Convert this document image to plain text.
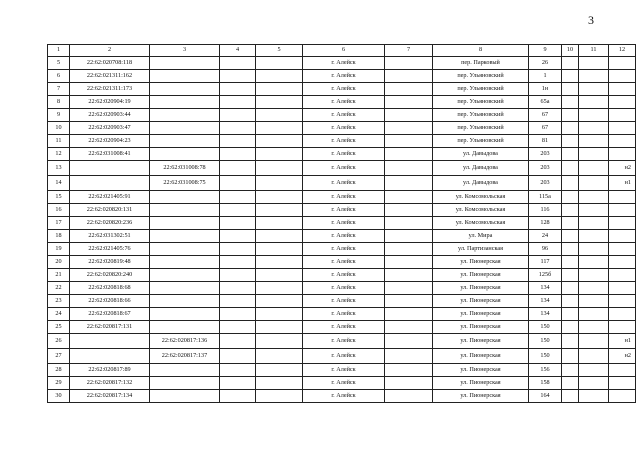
3
1	2	3	4	5	6	7	8	9	10	11	12
5	22:62:020708:118				г. Алейск		пер. Парковый	26			
6	22:62:021311:162				г. Алейск		пер. Ульяновский	1			
7	22:62:021311:173				г. Алейск		пер. Ульяновский	1н			
8	22:62:020904:19				г. Алейск		пер. Ульяновский	65а			
9	22:62:020903:44				г. Алейск		пер. Ульяновский	67			
10	22:62:020903:47				г. Алейск		пер. Ульяновский	67			
11	22:62:020904:23				г. Алейск		пер. Ульяновский	81			
12	22:62:031008:41				г. Алейск		ул. Давыдова	203			
13		22:62:031008:78			г. Алейск		ул. Давыдова	203			н2
14		22:62:031008:75			г. Алейск		ул. Давыдова	203			н1
15	22:62:021405:91				г. Алейск		ул. Комсомольская	115а			
16	22:62:020820:131				г. Алейск		ул. Комсомольская	116			
17	22:62:020820:236				г. Алейск		ул. Комсомольская	128			
18	22:62:031302:51				г. Алейск		ул. Мира	24			
19	22:62:021405:76				г. Алейск		ул. Партизанская	96			
20	22:62:020819:48				г. Алейск		ул. Пионерская	117			
21	22:62:020820:240				г. Алейск		ул. Пионерская	125б			
22	22:62:020818:68				г. Алейск		ул. Пионерская	134			
23	22:62:020818:66				г. Алейск		ул. Пионерская	134			
24	22:62:020818:67				г. Алейск		ул. Пионерская	134			
25	22:62:020817:131				г. Алейск		ул. Пионерская	150			
26		22:62:020817:136			г. Алейск		ул. Пионерская	150			н1
27		22:62:020817:137			г. Алейск		ул. Пионерская	150			н2
28	22:62:020817:89				г. Алейск		ул. Пионерская	156			
29	22:62:020817:132				г. Алейск		ул. Пионерская	158			
30	22:62:020817:134				г. Алейск		ул. Пионерская	164			
